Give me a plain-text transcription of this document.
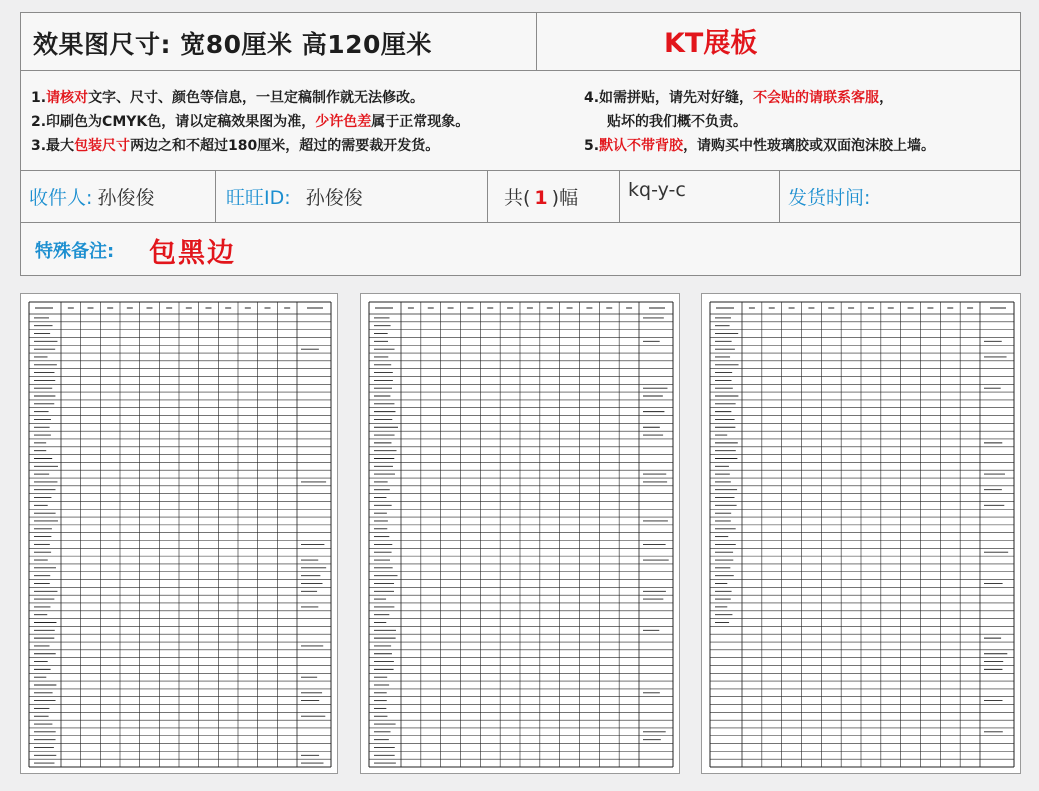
效果图尺寸: 宽80厘米 高120厘米	KT展板
1.请核对文字、尺寸、颜色等信息，一旦定稿制作就无法修改。
2.印刷色为CMYK色，请以定稿效果图为准，少许色差属于正常现象。
3.最大包装尺寸两边之和不超过180厘米，超过的需要裁开发货。
4.如需拼贴，请先对好缝，不会贴的请联系客服，
贴坏的我们概不负责。
5.默认不带背胶，请购买中性玻璃胶或双面泡沫胶上墙。
收件人: 孙俊俊	旺旺ID: 孙俊俊	共( 1 )幅	kq-y-c	发货时间:
特殊备注: 包黑边
